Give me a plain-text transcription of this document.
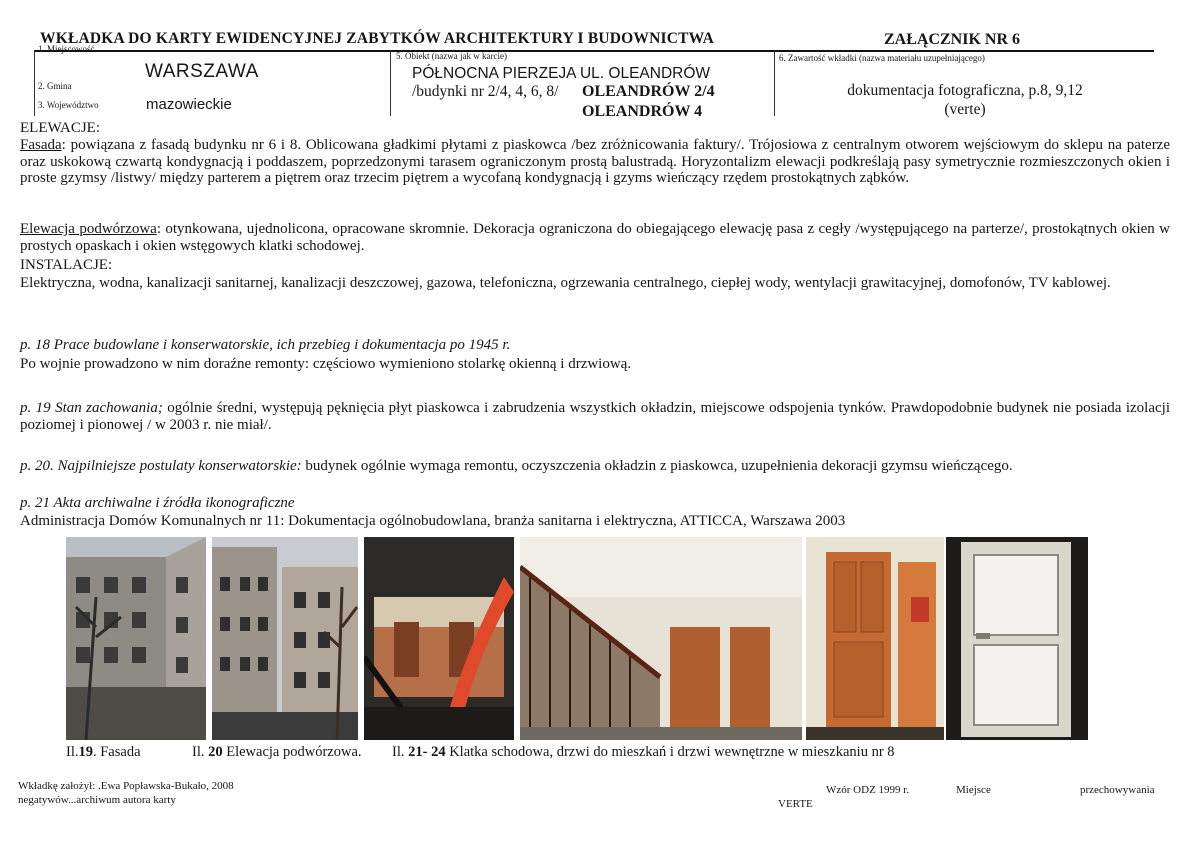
WKŁADKA DO KARTY EWIDENCYJNEJ ZABYTKÓW ARCHITEKTURY I BUDOWNICTWA	ZAŁĄCZNIK NR 6
1. Miejscowość
WARSZAWA
2. Gmina
3. Województwo	mazowieckie
5. Obiekt (nazwa jak w karcie)
PÓŁNOCNA PIERZEJA UL. OLEANDRÓW
/budynki nr 2/4, 4, 6, 8/ OLEANDRÓW 2/4
OLEANDRÓW 4
6. Zawartość wkładki (nazwa materiału uzupełniającego)
dokumentacja fotograficzna, p.8, 9,12
(verte)
ELEWACJE:
Fasada: powiązana z fasadą budynku nr 6 i 8. Oblicowana gładkimi płytami z piaskowca /bez zróżnicowania faktury/. Trójosiowa z centralnym otworem wejściowym do sklepu na paterze oraz uskokową czwartą kondygnacją i poddaszem, poprzedzonymi tarasem ograniczonym prostą balustradą. Horyzontalizm elewacji podkreślają pasy symetrycznie rozmieszczonych okien i proste gzymsy /listwy/ między parterem a piętrem oraz trzecim piętrem a wycofaną kondygnacją i gzyms wieńczący rzędem prostokątnych ząbków.
Elewacja podwórzowa: otynkowana, ujednolicona, opracowane skromnie. Dekoracja ograniczona do obiegającego elewację pasa z cegły /występującego na parterze/, prostokątnych okien w prostych opaskach i okien wstęgowych klatki schodowej.
INSTALACJE:
Elektryczna, wodna, kanalizacji sanitarnej, kanalizacji deszczowej, gazowa, telefoniczna, ogrzewania centralnego, ciepłej wody, wentylacji grawitacyjnej, domofonów, TV kablowej.
p. 18 Prace budowlane i konserwatorskie, ich przebieg i dokumentacja po 1945 r.
Po wojnie prowadzono w nim doraźne remonty: częściowo wymieniono stolarkę okienną i drzwiową.
p. 19 Stan zachowania; ogólnie średni, występują pęknięcia płyt piaskowca i zabrudzenia wszystkich okładzin, miejscowe odspojenia tynków. Prawdopodobnie budynek nie posiada izolacji poziomej i pionowej / w 2003 r. nie miał/.
p. 20. Najpilniejsze postulaty konserwatorskie: budynek ogólnie wymaga remontu, oczyszczenia okładzin z piaskowca, uzupełnienia dekoracji gzymsu wieńczącego.
p. 21 Akta archiwalne i źródła ikonograficzne
Administracja Domów Komunalnych nr 11: Dokumentacja ogólnobudowlana, branża sanitarna i elektryczna, ATTICCA, Warszawa 2003
Il.19. Fasada	Il. 20 Elewacja podwórzowa. Il. 21- 24 Klatka schodowa, drzwi do mieszkań i drzwi wewnętrzne w mieszkaniu nr 8
Wkładkę założył: .Ewa Popławska-Bukało, 2008
negatywów...archiwum autora karty
Wzór ODZ 1999 r.
VERTE
Miejsce	przechowywania
